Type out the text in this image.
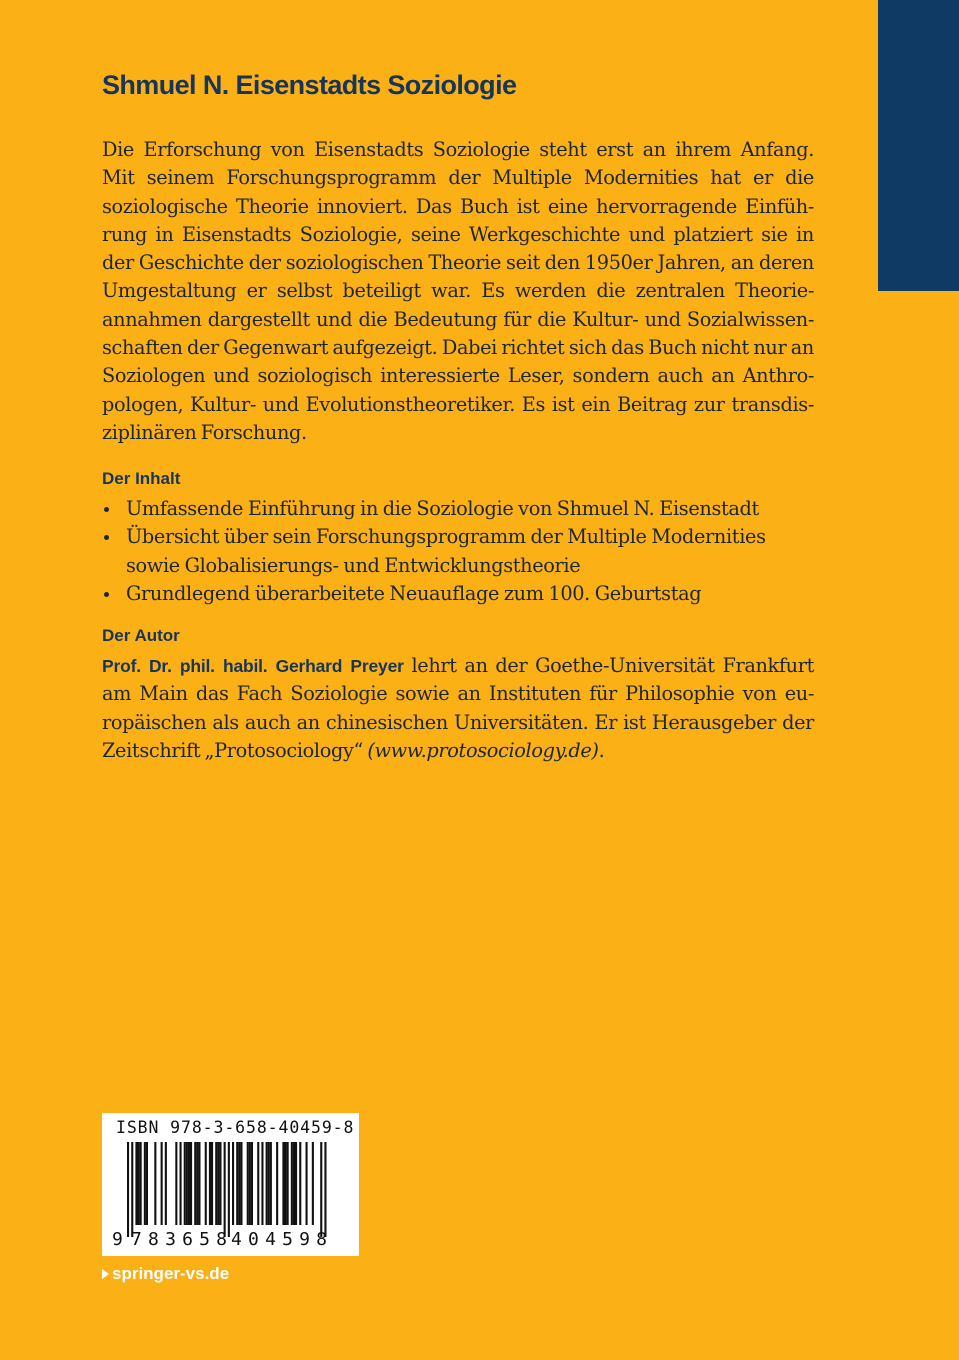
Shmuel N. Eisenstadts Soziologie

Die Erforschung von Eisenstadts Soziologie steht erst an ihrem Anfang.
Mit seinem Forschungsprogramm der Multiple Modernities hat er die
soziologische Theorie innoviert. Das Buch ist eine hervorragende Einfüh-
rung in Eisenstadts Soziologie, seine Werkgeschichte und platziert sie in
der Geschichte der soziologischen Theorie seit den 1950er Jahren, an deren
Umgestaltung er selbst beteiligt war. Es werden die zentralen Theorie-
annahmen dargestellt und die Bedeutung für die Kultur- und Sozialwissen-
schaften der Gegenwart aufgezeigt. Dabei richtet sich das Buch nicht nur an
Soziologen und soziologisch interessierte Leser, sondern auch an Anthro-
pologen, Kultur- und Evolutionstheoretiker. Es ist ein Beitrag zur transdis-
ziplinären Forschung.

Der Inhalt
Umfassende Einführung in die Soziologie von Shmuel N. Eisenstadt
Übersicht über sein Forschungsprogramm der Multiple Modernities
sowie Globalisierungs- und Entwicklungstheorie
Grundlegend überarbeitete Neuauflage zum 100. Geburtstag
Der Autor

Prof. Dr. phil. habil. Gerhard Preyer lehrt an der Goethe-Universität Frankfurt
am Main das Fach Soziologie sowie an Instituten für Philosophie von eu-
ropäischen als auch an chinesischen Universitäten. Er ist Herausgeber der
Zeitschrift „Protosociology“ (www.protosociology.de).

ISBN 978-3-658-40459-8
9 783658 404598
springer-vs.de
